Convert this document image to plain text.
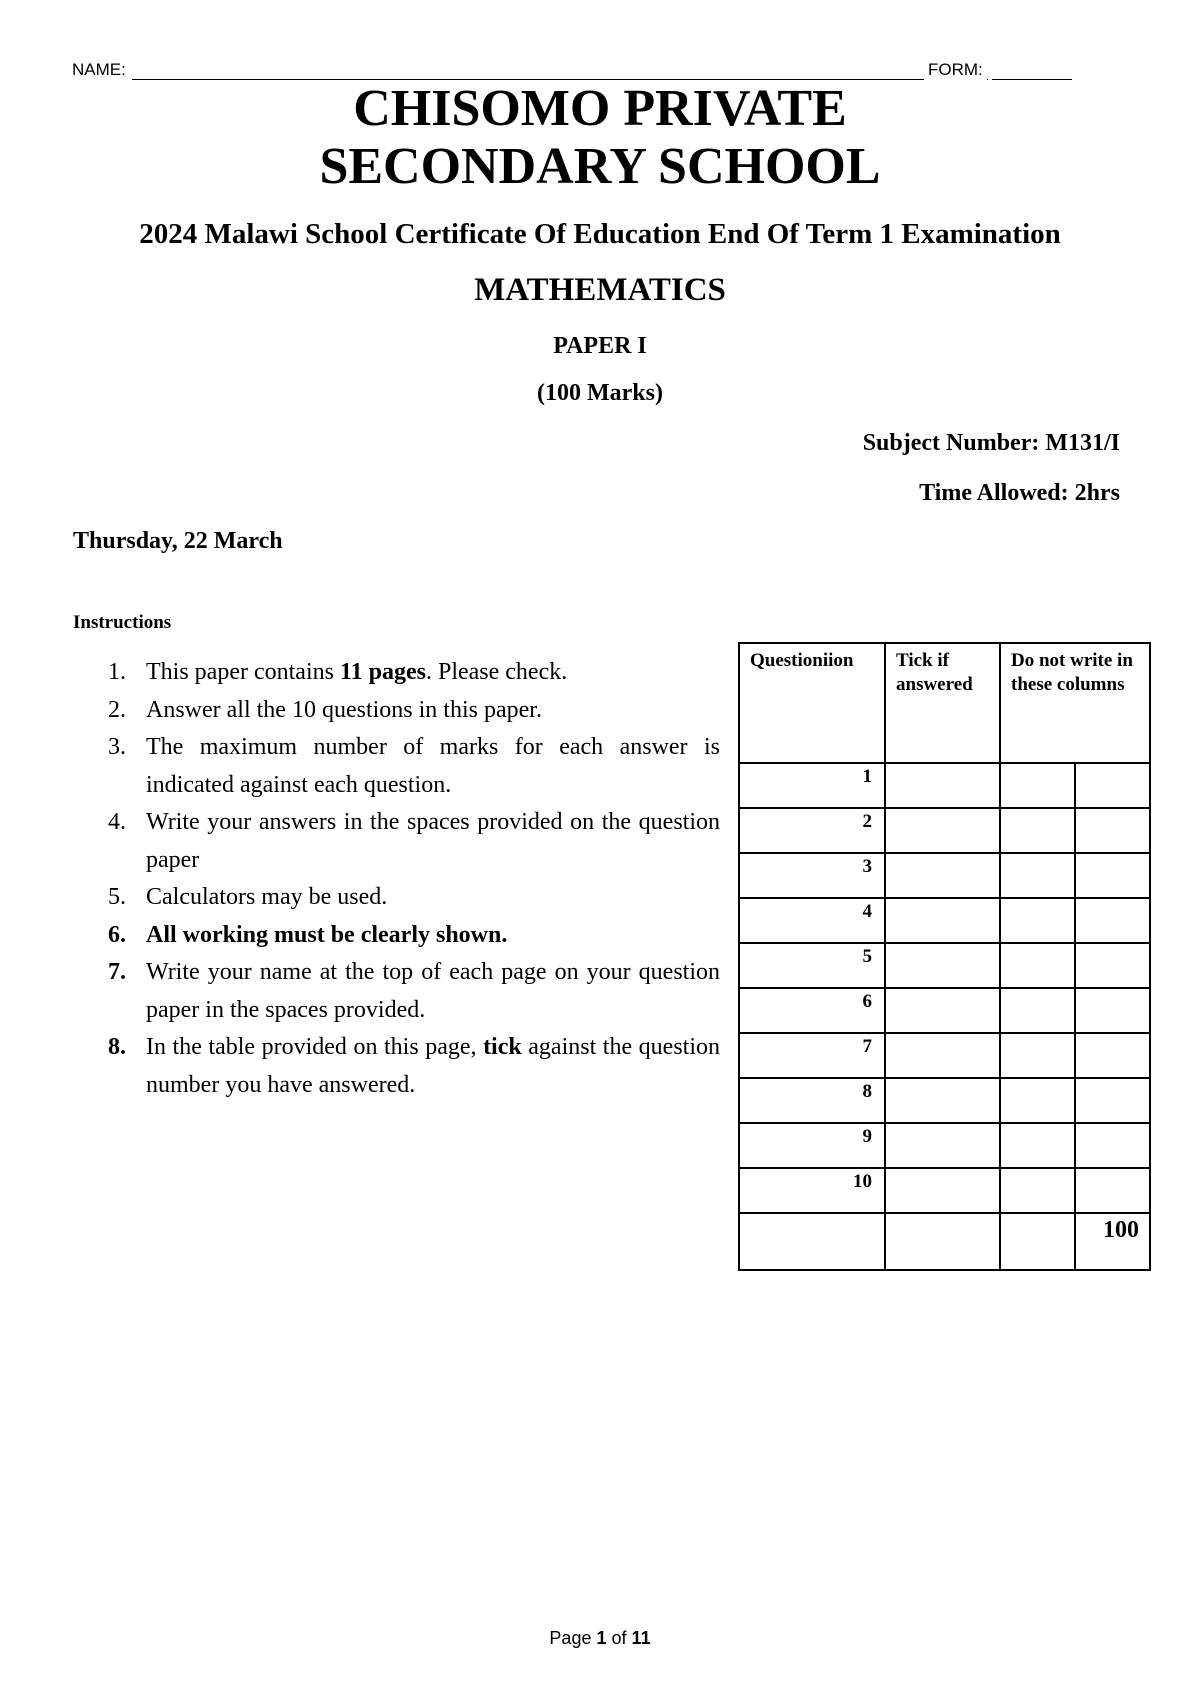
NAME:	FORM:
CHISOMO PRIVATE SECONDARY SCHOOL
2024 Malawi School Certificate Of Education End Of Term 1 Examination
MATHEMATICS
PAPER I
(100 Marks)
Subject Number: M131/I
Time Allowed: 2hrs
Thursday, 22 March
Instructions
1. This paper contains 11 pages. Please check.
2. Answer all the 10 questions in this paper.
3. The maximum number of marks for each answer is indicated against each question.
4. Write your answers in the spaces provided on the question paper
5. Calculators may be used.
6. All working must be clearly shown.
7. Write your name at the top of each page on your question paper in the spaces provided.
8. In the table provided on this page, tick against the question number you have answered.
Questioniion	Tick if answered	Do not write in these columns	
1			
2			
3			
4			
5			
6			
7			
8			
9			
10			
			100
Page 1 of 11
